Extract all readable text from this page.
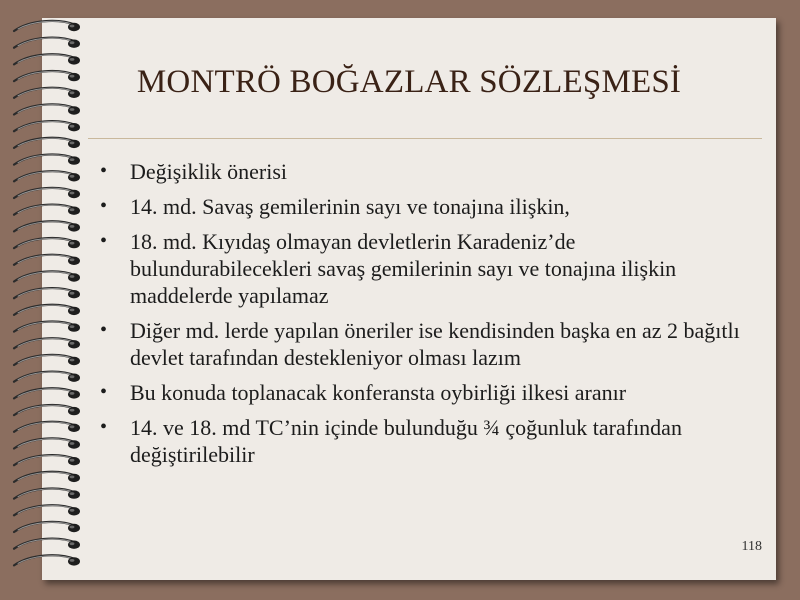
MONTRÖ BOĞAZLAR SÖZLEŞMESİ
• Değişiklik önerisi
• 14. md. Savaş gemilerinin sayı ve tonajına ilişkin,
• 18. md. Kıyıdaş olmayan devletlerin Karadeniz’de bulundurabilecekleri savaş gemilerinin sayı ve tonajına ilişkin maddelerde yapılamaz
• Diğer md. lerde yapılan öneriler ise kendisinden başka en az 2 bağıtlı devlet tarafından destekleniyor olması lazım
• Bu konuda toplanacak konferansta oybirliği ilkesi aranır
• 14. ve 18. md TC’nin içinde bulunduğu ¾ çoğunluk tarafından değiştirilebilir
118
